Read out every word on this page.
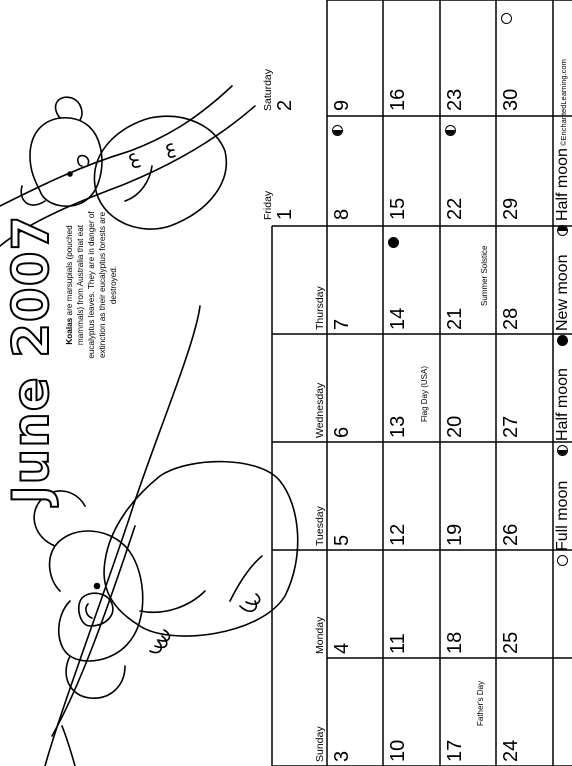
June 2007 Koalas are marsupials (pouched mammals) from Australia that eat eucalyptus leaves. They are in danger of extinction as their eucalyptus forests are destroyed.
©EnchantedLearning.com
Sunday
Monday
Tuesday
Wednesday
Thursday
Friday
Saturday
1
2
3
4
5
6
7
8
9
10
11
12
13
14
15
16
17
18
19
20
21
22
23
24
25
26
27
28
29
30
Flag Day (USA)
Father's Day
Summer Solstice
Full moon
Half moon
New moon
Half moon
